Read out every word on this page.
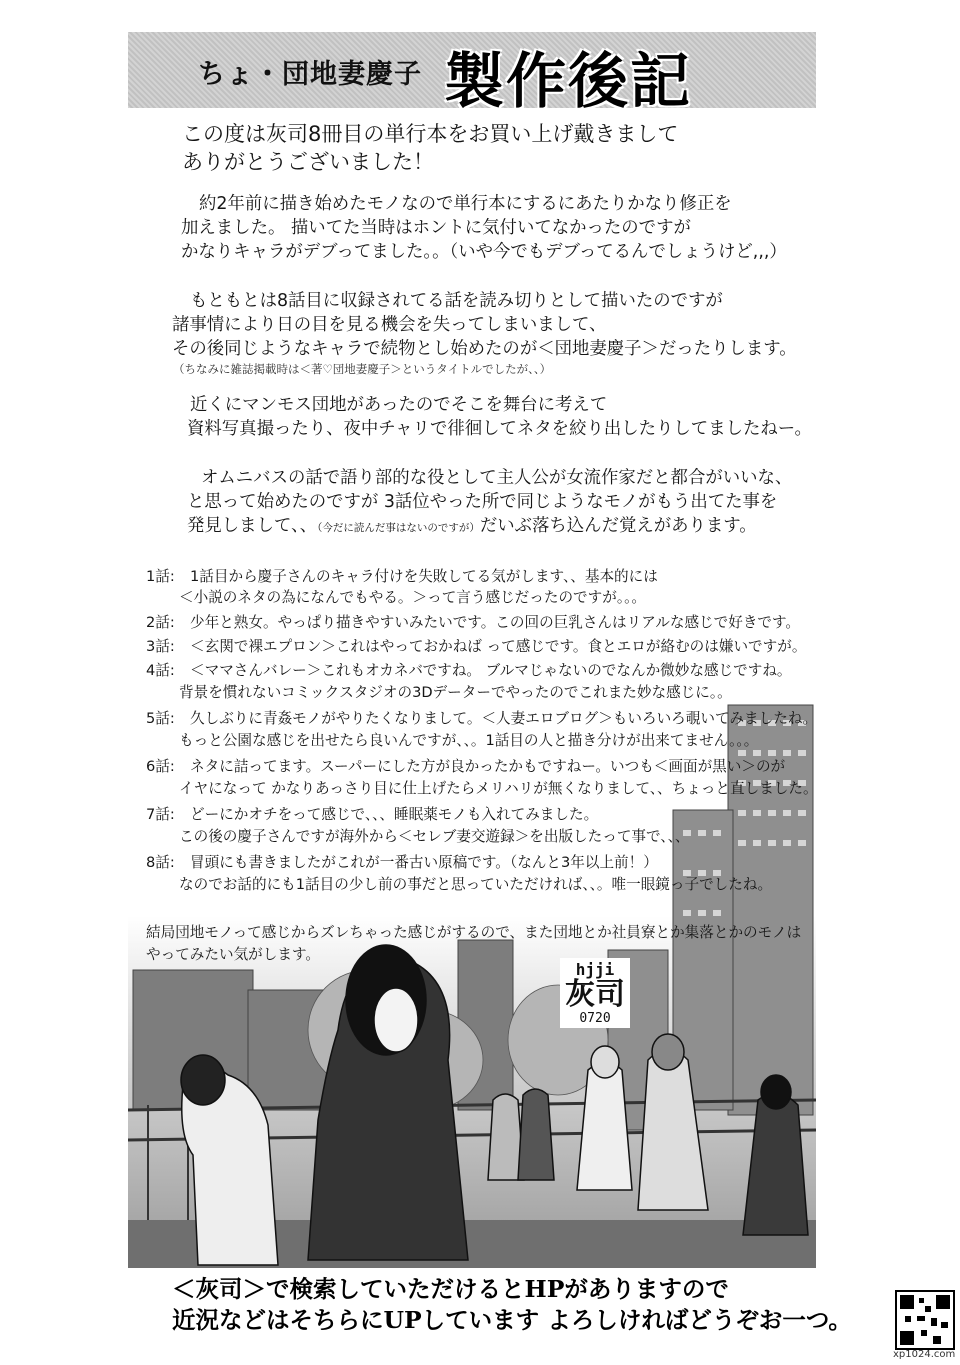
ちょ・団地妻慶子 製作後記
この度は灰司8冊目の単行本をお買い上げ戴きまして
ありがとうございました！
約2年前に描き始めたモノなので単行本にするにあたりかなり修正を
加えました。 描いてた当時はホントに気付いてなかったのですが
かなりキャラがデブってました。。（いや今でもデブってるんでしょうけど,,,）
もともとは8話目に収録されてる話を読み切りとして描いたのですが
諸事情により日の目を見る機会を失ってしまいまして、
その後同じようなキャラで続物とし始めたのが＜団地妻慶子＞だったりします。
（ちなみに雑誌掲載時は＜著♡団地妻慶子＞というタイトルでしたが、、）
近くにマンモス団地があったのでそこを舞台に考えて
資料写真撮ったり、夜中チャリで徘徊してネタを絞り出したりしてましたねー。
オムニバスの話で語り部的な役として主人公が女流作家だと都合がいいな、
と思って始めたのですが 3話位やった所で同じようなモノがもう出てた事を
発見しまして、、（今だに読んだ事はないのですが）だいぶ落ち込んだ覚えがあります。
1話: 1話目から慶子さんのキャラ付けを失敗してる気がします、、基本的には
＜小説のネタの為になんでもやる。＞って言う感じだったのですが。。。
2話: 少年と熟女。やっぱり描きやすいみたいです。この回の巨乳さんはリアルな感じで好きです。
3話: ＜玄関で裸エプロン＞これはやっておかねば って感じです。食とエロが絡むのは嫌いですが。
4話: ＜ママさんバレー＞これもオカネバですね。 ブルマじゃないのでなんか微妙な感じですね。
背景を慣れないコミックスタジオの3Dデーターでやったのでこれまた妙な感じに。。
5話: 久しぶりに青姦モノがやりたくなりまして。＜人妻エロブログ＞もいろいろ覗いてみましたね。
もっと公園な感じを出せたら良いんですが、、。1話目の人と描き分けが出来てません。。。
6話: ネタに詰ってます。スーパーにした方が良かったかもですねー。いつも＜画面が黒い＞のが
イヤになって かなりあっさり目に仕上げたらメリハリが無くなりまして、、ちょっと直しました。
7話: どーにかオチをって感じで、、、睡眠薬モノも入れてみました。
この後の慶子さんですが海外から＜セレブ妻交遊録＞を出版したって事で、、、
8話: 冒頭にも書きましたがこれが一番古い原稿です。（なんと3年以上前！）
なのでお話的にも1話目の少し前の事だと思っていただければ、、。唯一眼鏡っ子でしたね。
結局団地モノって感じからズレちゃった感じがするので、また団地とか社員寮とか集落とかのモノは
やってみたい気がします。
hjji
灰司
0720
＜灰司＞で検索していただけるとHPがありますので
近況などはそちらにUPしています よろしければどうぞお一つ。
xp1024.com
